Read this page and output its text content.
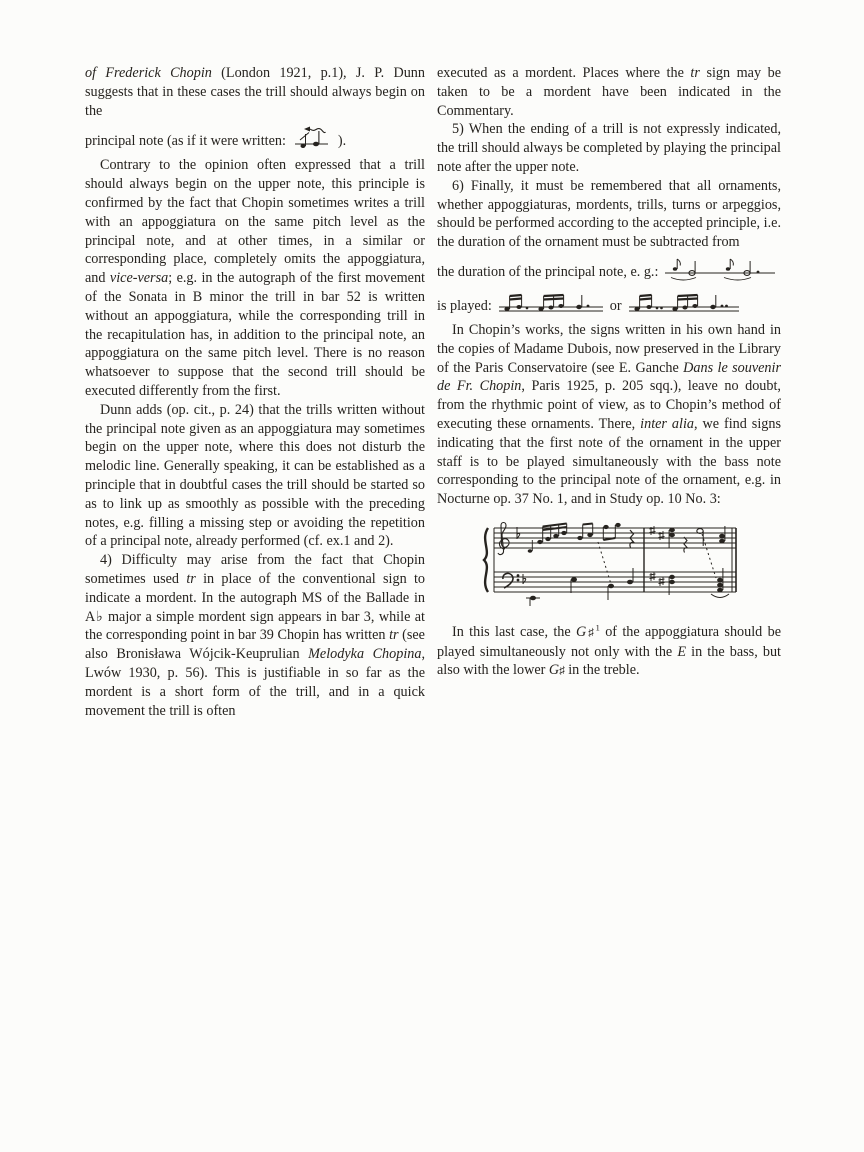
of Frederick Chopin (London 1921, p.1), J. P. Dunn suggests that in these cases the trill should always begin on the

principal note (as if it were written:	).

Contrary to the opinion often expressed that a trill should always begin on the upper note, this principle is confirmed by the fact that Chopin sometimes writes a trill with an appoggiatura on the same pitch level as the principal note, and at other times, in a similar or corresponding place, completely omits the appoggiatura, and vice-versa; e.g. in the autograph of the first movement of the Sonata in B minor the trill in bar 52 is written without an appoggiatura, while the corresponding trill in the recapitulation has, in addition to the principal note, an appoggiatura on the same pitch level. There is no reason whatsoever to suppose that the second trill should be executed differently from the first.

Dunn adds (op. cit., p. 24) that the trills written without the principal note given as an appoggiatura may sometimes begin on the upper note, where this does not disturb the melodic line. Generally speaking, it can be established as a principle that in doubtful cases the trill should be started so as to link up as smoothly as possible with the preceding notes, e.g. filling a missing step or avoiding the repetition of a principal note, already performed (cf. ex.1 and 2).

4) Difficulty may arise from the fact that Chopin sometimes used tr in place of the conventional sign to indicate a mordent. In the autograph MS of the Ballade in A♭ major a simple mordent sign appears in bar 3, while at the corresponding point in bar 39 Chopin has written tr (see also Bronisława Wójcik-Keuprulian Melodyka Chopina, Lwów 1930, p. 56). This is justifiable in so far as the mordent is a short form of the trill, and in a quick movement the trill is often

executed as a mordent. Places where the tr sign may be taken to be a mordent have been indicated in the Commentary.

5) When the ending of a trill is not expressly indicated, the trill should always be completed by playing the principal note after the upper note.

6) Finally, it must be remembered that all ornaments, whether appoggiaturas, mordents, trills, turns or arpeggios, should be performed according to the accepted principle, i.e. the duration of the ornament must be subtracted from

the duration of the principal note, e. g.:

is played:	or

In Chopin’s works, the signs written in his own hand in the copies of Madame Dubois, now preserved in the Library of the Paris Conservatoire (see E. Ganche Dans le souvenir de Fr. Chopin, Paris 1925, p. 205 sqq.), leave no doubt, from the rhythmic point of view, as to Chopin’s method of executing these ornaments. There, inter alia, we find signs indicating that the first note of the ornament in the upper staff is to be played simultaneously with the bass note corresponding to the principal note of the ornament, e.g. in Nocturne op. 37 No. 1, and in Study op. 10 No. 3:

In this last case, the G♯$^1$ of the appoggiatura should be played simultaneously not only with the E in the bass, but also with the lower G♯ in the treble.
